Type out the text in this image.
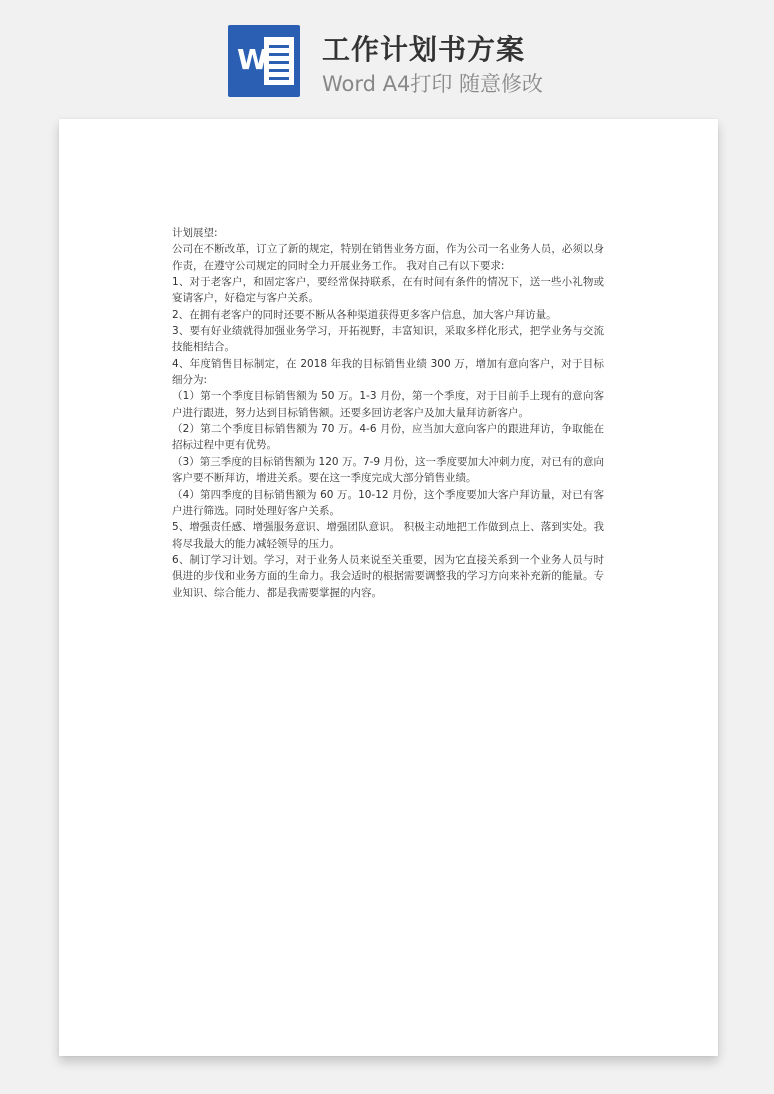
W 工作计划书方案
Word A4打印 随意修改

计划展望:

公司在不断改革，订立了新的规定，特别在销售业务方面，作为公司一名业务人员，必须以身作责，在遵守公司规定的同时全力开展业务工作。 我对自己有以下要求:

1、对于老客户，和固定客户，要经常保持联系，在有时间有条件的情况下，送一些小礼物或宴请客户，好稳定与客户关系。

2、在拥有老客户的同时还要不断从各种渠道获得更多客户信息，加大客户拜访量。

3、要有好业绩就得加强业务学习，开拓视野，丰富知识，采取多样化形式，把学业务与交流技能相结合。

4、年度销售目标制定，在 2018 年我的目标销售业绩 300 万，增加有意向客户，对于目标细分为:

（1）第一个季度目标销售额为 50 万。1-3 月份，第一个季度，对于目前手上现有的意向客户进行跟进，努力达到目标销售额。还要多回访老客户及加大量拜访新客户。

（2）第二个季度目标销售额为 70 万。4-6 月份，应当加大意向客户的跟进拜访，争取能在招标过程中更有优势。

（3）第三季度的目标销售额为 120 万。7-9 月份，这一季度要加大冲刺力度，对已有的意向客户要不断拜访，增进关系。要在这一季度完成大部分销售业绩。

（4）第四季度的目标销售额为 60 万。10-12 月份，这个季度要加大客户拜访量，对已有客户进行筛选。同时处理好客户关系。

5、增强责任感、增强服务意识、增强团队意识。 积极主动地把工作做到点上、落到实处。我将尽我最大的能力减轻领导的压力。

6、制订学习计划。学习，对于业务人员来说至关重要，因为它直接关系到一个业务人员与时俱进的步伐和业务方面的生命力。我会适时的根据需要调整我的学习方向来补充新的能量。专业知识、综合能力、都是我需要掌握的内容。
